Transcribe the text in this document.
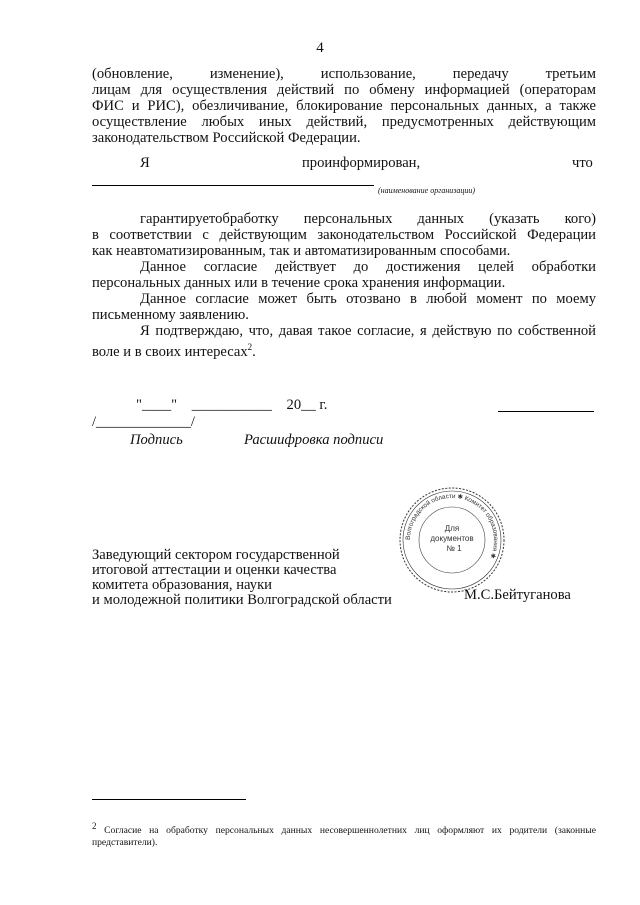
4
(обновление, изменение), использование, передачу третьим
лицам для осуществления действий по обмену информацией (операторам
ФИС и РИС), обезличивание, блокирование персональных данных, а также
осуществление любых иных действий, предусмотренных действующим
законодательством Российской Федерации.
Я	проинформирован,	что
(наименование организации)
гарантируетобработку персональных данных (указать кого)
в соответствии с действующим законодательством Российской Федерации
как неавтоматизированным, так и автоматизированным способами.
Данное согласие действует до достижения целей обработки
персональных данных или в течение срока хранения информации.
Данное согласие может быть отозвано в любой момент по моему
письменному заявлению.
Я подтверждаю, что, давая такое согласие, я действую по собственной
воле и в своих интересах$^2$.
"____"    ___________    20__ г.
/_____________/
Подпись	Расшифровка подписи
Волгоградской области ✱ Комитет образования ✱
Для
документов
№ 1
Заведующий сектором государственной
итоговой аттестации и оценки качества
комитета образования, науки
и молодежной политики Волгоградской области	М.С.Бейтуганова
$^2$ Согласие на обработку персональных данных несовершеннолетних лиц оформляют их родители (законные представители).
